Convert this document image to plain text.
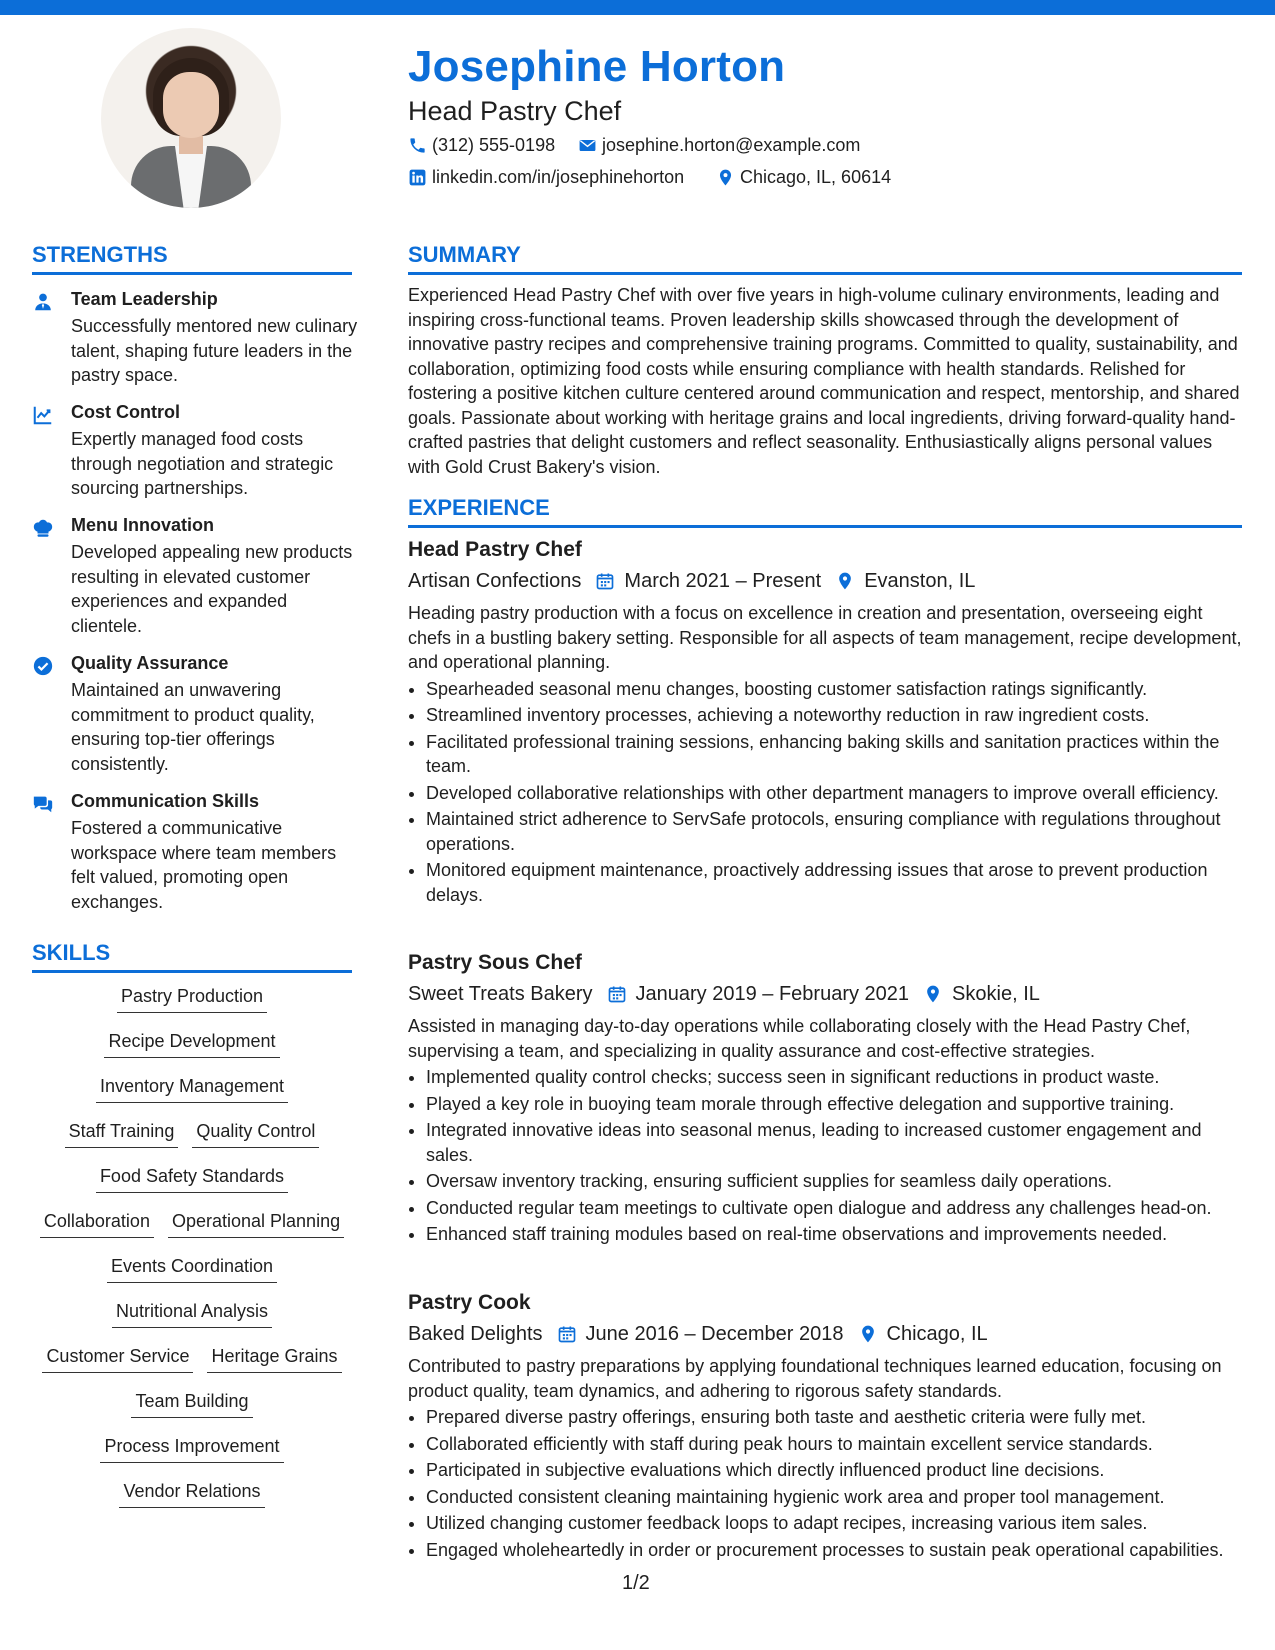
Josephine Horton
Head Pastry Chef
(312) 555-0198	josephine.horton@example.com
linkedin.com/in/josephinehorton	Chicago, IL, 60614
STRENGTHS
Team Leadership
Successfully mentored new culinary talent, shaping future leaders in the pastry space.
Cost Control
Expertly managed food costs through negotiation and strategic sourcing partnerships.
Menu Innovation
Developed appealing new products resulting in elevated customer experiences and expanded clientele.
Quality Assurance
Maintained an unwavering commitment to product quality, ensuring top-tier offerings consistently.
Communication Skills
Fostered a communicative workspace where team members felt valued, promoting open exchanges.
SKILLS
Pastry Production
Recipe Development
Inventory Management
Staff Training Quality Control
Food Safety Standards
Collaboration Operational Planning
Events Coordination
Nutritional Analysis
Customer Service Heritage Grains
Team Building
Process Improvement
Vendor Relations
SUMMARY
Experienced Head Pastry Chef with over five years in high-volume culinary environments, leading and inspiring cross-functional teams. Proven leadership skills showcased through the development of innovative pastry recipes and comprehensive training programs. Committed to quality, sustainability, and collaboration, optimizing food costs while ensuring compliance with health standards. Relished for fostering a positive kitchen culture centered around communication and respect, mentorship, and shared goals. Passionate about working with heritage grains and local ingredients, driving forward-quality hand-crafted pastries that delight customers and reflect seasonality. Enthusiastically aligns personal values with Gold Crust Bakery's vision.
EXPERIENCE
Head Pastry Chef
Artisan Confections March 2021 – Present Evanston, IL
Heading pastry production with a focus on excellence in creation and presentation, overseeing eight chefs in a bustling bakery setting. Responsible for all aspects of team management, recipe development, and operational planning.
• Spearheaded seasonal menu changes, boosting customer satisfaction ratings significantly.
• Streamlined inventory processes, achieving a noteworthy reduction in raw ingredient costs.
• Facilitated professional training sessions, enhancing baking skills and sanitation practices within the team.
• Developed collaborative relationships with other department managers to improve overall efficiency.
• Maintained strict adherence to ServSafe protocols, ensuring compliance with regulations throughout operations.
• Monitored equipment maintenance, proactively addressing issues that arose to prevent production delays.
Pastry Sous Chef
Sweet Treats Bakery January 2019 – February 2021 Skokie, IL
Assisted in managing day-to-day operations while collaborating closely with the Head Pastry Chef, supervising a team, and specializing in quality assurance and cost-effective strategies.
• Implemented quality control checks; success seen in significant reductions in product waste.
• Played a key role in buoying team morale through effective delegation and supportive training.
• Integrated innovative ideas into seasonal menus, leading to increased customer engagement and sales.
• Oversaw inventory tracking, ensuring sufficient supplies for seamless daily operations.
• Conducted regular team meetings to cultivate open dialogue and address any challenges head-on.
• Enhanced staff training modules based on real-time observations and improvements needed.
Pastry Cook
Baked Delights June 2016 – December 2018 Chicago, IL
Contributed to pastry preparations by applying foundational techniques learned education, focusing on product quality, team dynamics, and adhering to rigorous safety standards.
• Prepared diverse pastry offerings, ensuring both taste and aesthetic criteria were fully met.
• Collaborated efficiently with staff during peak hours to maintain excellent service standards.
• Participated in subjective evaluations which directly influenced product line decisions.
• Conducted consistent cleaning maintaining hygienic work area and proper tool management.
• Utilized changing customer feedback loops to adapt recipes, increasing various item sales.
• Engaged wholeheartedly in order or procurement processes to sustain peak operational capabilities.
1/2
